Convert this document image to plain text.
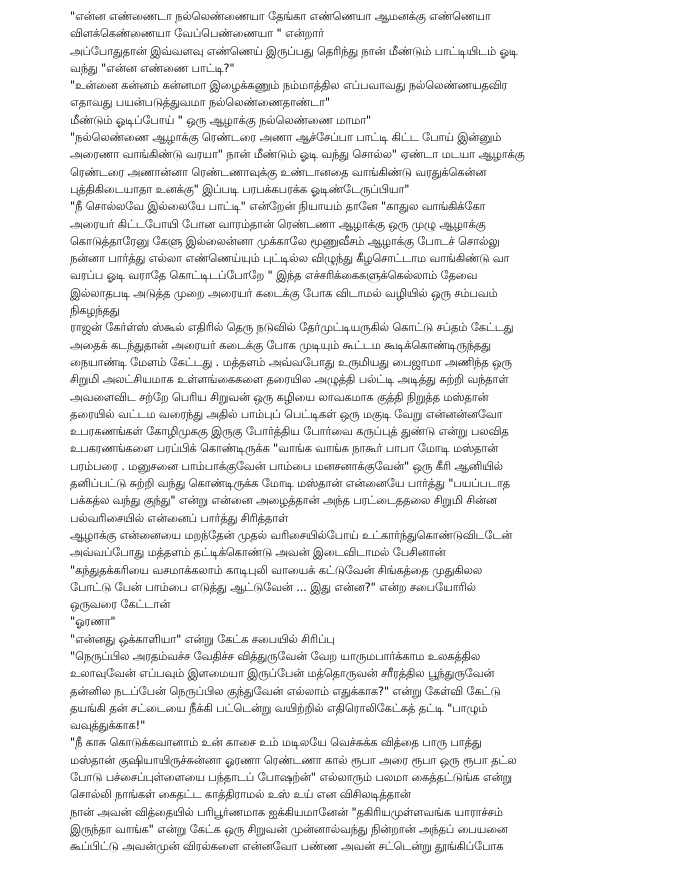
"என்ன எண்ணைடா நல்லெண்ணையா தேங்கா எண்ணெயா ஆமனக்கு எண்ணெயா
விளக்கெண்ணையா வேப்பெண்ணையா " என்றார்
அப்போதுதான் இவ்வளவு எண்ணெய் இருப்பது தெரிந்து நான் மீண்டும் பாட்டியிடம் ஓடி
வந்து "என்ன எண்ணை பாட்டி?"
"உன்னை கன்னம் கன்னமா இழைக்கணும் நம்மாத்தில எப்பவாவது நல்லெண்ணயதவிர
எதாவது பயன்படுத்துவமா நல்லெண்ணைதாண்டா"
மீண்டும் ஓடிப்போய் " ஒரு ஆழாக்கு நல்லெண்ணை மாமா"
"நல்லெண்ணை ஆழாக்கு ரெண்டரை அணா ஆச்சேப்பா பாட்டி கிட்ட போய் இன்னும்
அரைணா வாங்கிண்டு வரயா" நான் மீண்டும் ஓடி வந்து சொல்ல" ஏண்டா மடயா ஆழாக்கு
ரெண்டரை அணான்னா ரெண்டணாவுக்கு உண்டானதை வாங்கிண்டு வரதுக்கென்ன
புத்திகிடையாதா உனக்கு" இப்படி பரபக்கபரக்க ஓடிண்டேருப்பியா"
"நீ சொல்லவே இல்லையே பாட்டி" என்றேன் நியாயம் தானே "காதுல வாங்கிக்கோ
அரையர் கிட்டபோயி போன வாரம்தான் ரெண்டணா ஆழாக்கு ஒரு முழு ஆழாக்கு
கொடுத்தாரேனு கேளு இல்லைன்னா முக்காலே மூணுவீசம் ஆழாக்கு போடச் சொல்லு
நன்னா பார்த்து எல்லா எண்ணெய்யும் புட்டில்ல விழுந்து கீழசொட்டாம வாங்கிண்டு வா
வரப்ப ஓடி வராதே கொட்டிடப்போறே " இந்த எச்சரிக்கைகளுக்கெல்லாம் தேவை
இல்லாதபடி அடுத்த முறை அரையர் கடைக்கு போக விடாமல் வழியில் ஒரு சம்பவம்
நிகழந்தது
ராஜன் கேர்ள்ஸ் ஸ்கூல் எதிரில் தெரு நடுவில் தேர்முட்டியருகில் கொட்டு சப்தம் கேட்டது
அதைக் கடந்துதான் அரையர் கடைக்கு போக முடியும் கூட்டம கூடிக்கொண்டிருந்தது
நையாண்டி மேளம் கேட்டது . மத்தளம் அவ்வபோது உருமியது பைஜாமா அணிந்த ஒரு
சிறுமி அலட்சியமாக உள்ளங்கைகளை தரையில அழுத்தி பல்ட்டி அடித்து சுற்றி வந்தாள்
அவளைவிட சற்றே பெரிய சிறுவன் ஒரு கழியை லாவகமாக குத்தி நிறுத்த மஸ்தான்
தரையில் வட்டம வரைந்து அதில் பாம்புப் பெட்டிகள் ஒரு மகுடி வேறு என்னன்னவோ
உபரகணங்கள் கோழிமுககு இருகு போர்த்திய போர்வை கருப்புத் துண்டு என்று பலவித
உபகரணங்களை பரப்பிக் கொண்டிருக்க "வாங்க வாங்க நாகூர் பாபா மோடி மஸ்தான்
பரம்பரை . மனுசனை பாம்பாக்குவேன் பாம்பை மனசனாக்குவேன்" ஒரு கீரி ஆனியில்
தனிப்பட்டு சுற்றி வந்து கொண்டிருக்க மோடி மஸ்தான் என்னையே பார்த்து "பயப்படாத
பக்கத்ல வந்து குந்து" என்று என்னை அழைத்தான் அந்த பரட்டைததலை சிறுமி சின்ன
பல்வரிசையில் என்னைப் பார்த்து சிரித்தாள்
ஆழாக்கு என்னையை மறந்தேன் முதல் வரிசையில்போய் உட்கார்ந்துகொண்டுவிடடேன்
அவ்வப்போது மத்தளம் தட்டிக்கொண்டு அவன் இடைவிடாமல் பேசினான்
"கந்துதக்கரியை வசமாக்கலாம் காடிபுலி வாயைக் கட்டுவேன் சிங்கத்தை முதுகிலல
போட்டு பேன் பாம்பை எடுத்து ஆட்டுவேன் ... இது என்ன?" என்ற சபையோரில்
ஒருவரை கேட்டான்
"ஓரணா"
"என்னது ஒக்காளியா" என்று கேட்க சபையில் சிரிப்பு
"நெருப்பில அரதம்வச்ச வேதிச்ச வித்துருவேன் வேற யாருமபார்க்காம உலகத்தில
உலாவுவேன் எப்பவும் இளமையா இருப்பேன் மத்தொருவன் சரீரத்தில பூந்துருவேன்
தன்னில நடப்பேன் நெருப்பில குந்துவேன் எல்லாம் எதுக்காக?" என்று கேள்வி கேட்டு
தயங்கி தன் சட்டையை நீக்கி பட்டென்று வயிற்றில் எதிரொலிகேட்கத் தட்டி "பாழும்
வவுத்துக்காக!"
"நீ காசு கொடுக்கவானாம் உன் காசை உம் மடிலயே வெச்சுக்க வித்தை பாரு பாத்து
மஸ்தான் குஷியாயிருச்சுன்னா ஓரணா ரெண்டணா கால் ரூபா அரை ரூபா ஒரு ரூபா தட்ல
போடு பச்சைப்புள்ளையை பந்தாடப் போஷற்ன்" எல்லாரும் பலமா கைத்தட்டுங்க என்று
சொல்லி நாங்கள் கைதட்ட காத்திராமல் உஸ் உய் என விசிலடித்தான்
நான் அவன் வித்தையில் பரிபூர்ணமாக ஐக்கியமானேன் "தகிரியமுள்ளவங்க யாராச்சம்
இருந்தா வாங்க" என்று கேட்க ஒரு சிறுவன் முன்னால்வந்து நின்றான் அந்தப் பையனை
கூப்பிட்டு அவன்முன் விரல்களை என்னவோ பண்ண அவன் சட்டென்று தூங்கிப்போக
